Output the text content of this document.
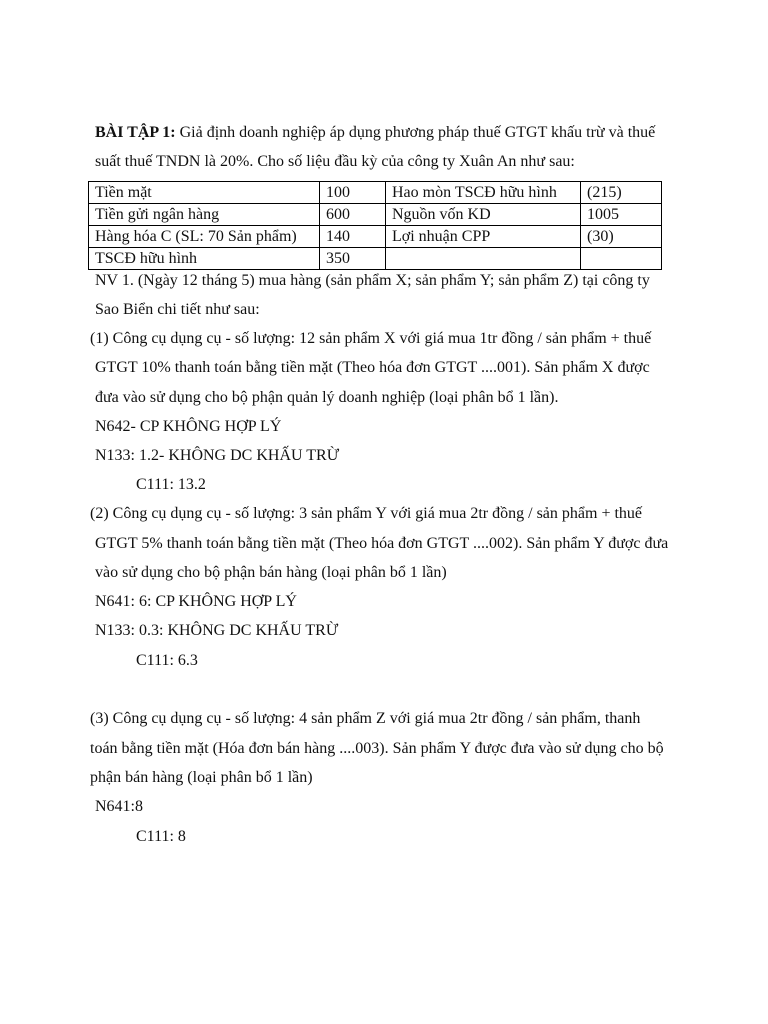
BÀI TẬP 1: Giả định doanh nghiệp áp dụng phương pháp thuế GTGT khấu trừ và thuế
suất thuế TNDN là 20%. Cho số liệu đầu kỳ của công ty Xuân An như sau:
Tiền mặt	100	Hao mòn TSCĐ hữu hình	(215)
Tiền gửi ngân hàng	600	Nguồn vốn KD	1005
Hàng hóa C (SL: 70 Sản phẩm)	140	Lợi nhuận CPP	(30)
TSCĐ hữu hình	350		
NV 1. (Ngày 12 tháng 5) mua hàng (sản phẩm X; sản phẩm Y; sản phẩm Z) tại công ty
Sao Biển chi tiết như sau:
(1) Công cụ dụng cụ - số lượng: 12 sản phẩm X với giá mua 1tr đồng / sản phẩm + thuế
GTGT 10% thanh toán bằng tiền mặt (Theo hóa đơn GTGT ....001). Sản phẩm X được
đưa vào sử dụng cho bộ phận quản lý doanh nghiệp (loại phân bổ 1 lần).
N642- CP KHÔNG HỢP LÝ
N133: 1.2- KHÔNG DC KHẤU TRỪ
C111: 13.2
(2) Công cụ dụng cụ - số lượng: 3 sản phẩm Y với giá mua 2tr đồng / sản phẩm + thuế
GTGT 5% thanh toán bằng tiền mặt (Theo hóa đơn GTGT ....002). Sản phẩm Y được đưa
vào sử dụng cho bộ phận bán hàng (loại phân bổ 1 lần)
N641: 6: CP KHÔNG HỢP LÝ
N133: 0.3: KHÔNG DC KHẤU TRỪ
C111: 6.3
(3) Công cụ dụng cụ - số lượng: 4 sản phẩm Z với giá mua 2tr đồng / sản phẩm, thanh
toán bằng tiền mặt (Hóa đơn bán hàng ....003). Sản phẩm Y được đưa vào sử dụng cho bộ
phận bán hàng (loại phân bổ 1 lần)
N641:8
C111: 8
